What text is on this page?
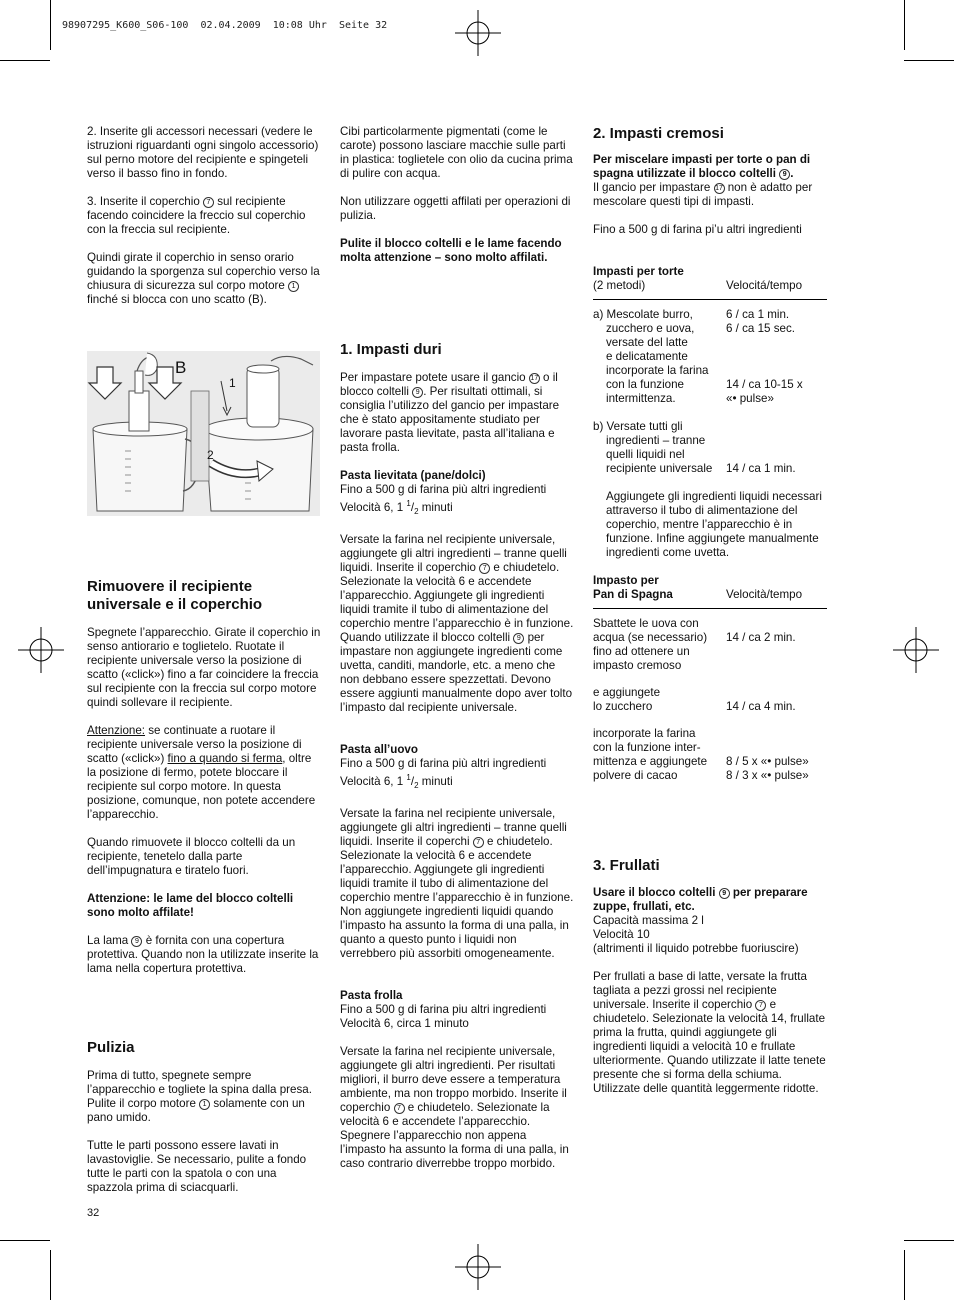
98907295_K600_S06-100  02.04.2009  10:08 Uhr  Seite 32

2. Inserite gli accessori necessari (vedere le istruzioni riguardanti ogni singolo accessorio) sul perno motore del recipiente e spingeteli verso il basso fino in fondo.

3. Inserite il coperchio 7 sul recipiente facendo coincidere la freccio sul coperchio con la freccia sul recipiente.

Quindi girate il coperchio in senso orario guidando la sporgenza sul coperchio verso la chiusura di sicurezza sul corpo motore 1 finché si blocca con uno scatto (B).

B
1
2
Rimuovere il recipiente universale e il coperchio

Spegnete l’apparecchio. Girate il coperchio in senso antiorario e toglietelo. Ruotate il recipiente universale verso la posizione di scatto («click») fino a far coincidere la freccia sul recipiente con la freccia sul corpo motore quindi sollevare il recipiente.

Attenzione: se continuate a ruotare il recipiente universale verso la posizione di scatto («click») fino a quando si ferma, oltre la posizione di fermo, potete bloccare il recipiente sul corpo motore. In questa posizione, comunque, non potete accendere l’apparecchio.

Quando rimuovete il blocco coltelli da un recipiente, tenetelo dalla parte dell’impugnatura e tiratelo fuori.

Attenzione: le lame del blocco coltelli sono molto affilate!

La lama 9 è fornita con una copertura protettiva. Quando non la utilizzate inserite la lama nella copertura protettiva.

Pulizia

Prima di tutto, spegnete sempre l’apparecchio e togliete la spina dalla presa. Pulite il corpo motore 1 solamente con un pano umido.

Tutte le parti possono essere lavati in lavastoviglie. Se necessario, pulite a fondo tutte le parti con la spatola o con una spazzola prima di sciacquarli.

Cibi particolarmente pigmentati (come le carote) possono lasciare macchie sulle parti in plastica: toglietele con olio da cucina prima di pulire con acqua.

Non utilizzare oggetti affilati per operazioni di pulizia.

Pulite il blocco coltelli e le lame facendo molta attenzione – sono molto affilati.

1. Impasti duri

Per impastare potete usare il gancio 17 o il blocco coltelli 9 . Per risultati ottimali, si consiglia l’utilizzo del gancio per impastare che è stato appositamente studiato per lavorare pasta lievitate, pasta all’italiana e pasta frolla.

Pasta lievitata (pane/dolci)
Fino a 500 g di farina più altri ingredienti
Velocità 6, 1 $^1/_2$ minuti

Versate la farina nel recipiente universale, aggiungete gli altri ingredienti – tranne quelli liquidi. Inserite il coperchio 7 e chiudetelo. Selezionate la velocità 6 e accendete l’apparecchio. Aggiungete gli ingredienti liquidi tramite il tubo di alimentazione del coperchio mentre l’apparecchio è in funzione. Quando utilizzate il blocco coltelli 9 per impastare non aggiungete ingredienti come uvetta, canditi, mandorle, etc. a meno che non debbano essere spezzettati. Devono essere aggiunti manualmente dopo aver tolto l’impasto dal recipiente universale.

Pasta all’uovo
Fino a 500 g di farina più altri ingredienti
Velocità 6, 1 $^1/_2$ minuti

Versate la farina nel recipiente universale, aggiungete gli altri ingredienti – tranne quelli liquidi. Inserite il coperchi 7 e chiudetelo. Selezionate la velocità 6 e accendete l’apparecchio. Aggiungete gli ingredienti liquidi tramite il tubo di alimentazione del coperchio mentre l’apparecchio è in funzione. Non aggiungete ingredienti liquidi quando l’impasto ha assunto la forma di una palla, in quanto a questo punto i liquidi non verrebbero più assorbiti omogeneamente.

Pasta frolla
Fino a 500 g di farina piu altri ingredienti
Velocità 6, circa 1 minuto

Versate la farina nel recipiente universale, aggiungete gli altri ingredienti. Per risultati migliori, il burro deve essere a temperatura ambiente, ma non troppo morbido. Inserite il coperchio 7 e chiudetelo. Selezionate la velocità 6 e accendete l’apparecchio. Spegnere l’apparecchio non appena l’impasto ha assunto la forma di una palla, in caso contrario diverrebbe troppo morbido.

2. Impasti cremosi
Per miscelare impasti per torte o pan di spagna utilizzate il blocco coltelli 9 .

Il gancio per impastare 17 non è adatto per mescolare questi tipi di impasti.

Fino a 500 g di farina pi’u altri ingredienti

Impasti per torte
(2 metodi)	Velocitá/tempo
a) Mescolate burro,	6 / ca 1 min.
zucchero e uova,	6 / ca 15 sec.
versate del latte
e delicatamente
incorporate la farina
con la funzione	14 / ca 10-15 x
intermittenza.	«• pulse»
b) Versate tutti gli
ingredienti – tranne
quelli liquidi nel
recipiente universale	14 / ca 1 min.

Aggiungete gli ingredienti liquidi necessari attraverso il tubo di alimentazione del coperchio, mentre l’apparecchio è in funzione. Infine aggiungete manualmente ingredienti come uvetta.

Impasto per
Pan di Spagna	Velocità/tempo
Sbattete le uova con
acqua (se necessario)	14 / ca 2 min.
fino ad ottenere un
impasto cremoso
e aggiungete
lo zucchero	14 / ca 4 min.
incorporate la farina
con la funzione inter-
mittenza e aggiungete	8 / 5 x «• pulse»
polvere di cacao	8 / 3 x «• pulse»
3. Frullati
Usare il blocco coltelli 9 per preparare zuppe, frullati, etc.
Capacità massima 2 l
Velocità 10
(altrimenti il liquido potrebbe fuoriuscire)

Per frullati a base di latte, versate la frutta tagliata a pezzi grossi nel recipiente universale. Inserite il coperchio 7 e chiudetelo. Selezionate la velocità 14, frullate prima la frutta, quindi aggiungete gli ingredienti liquidi a velocità 10 e frullate ulteriormente. Quando utilizzate il latte tenete presente che si forma della schiuma. Utilizzate delle quantità leggermente ridotte.

32
